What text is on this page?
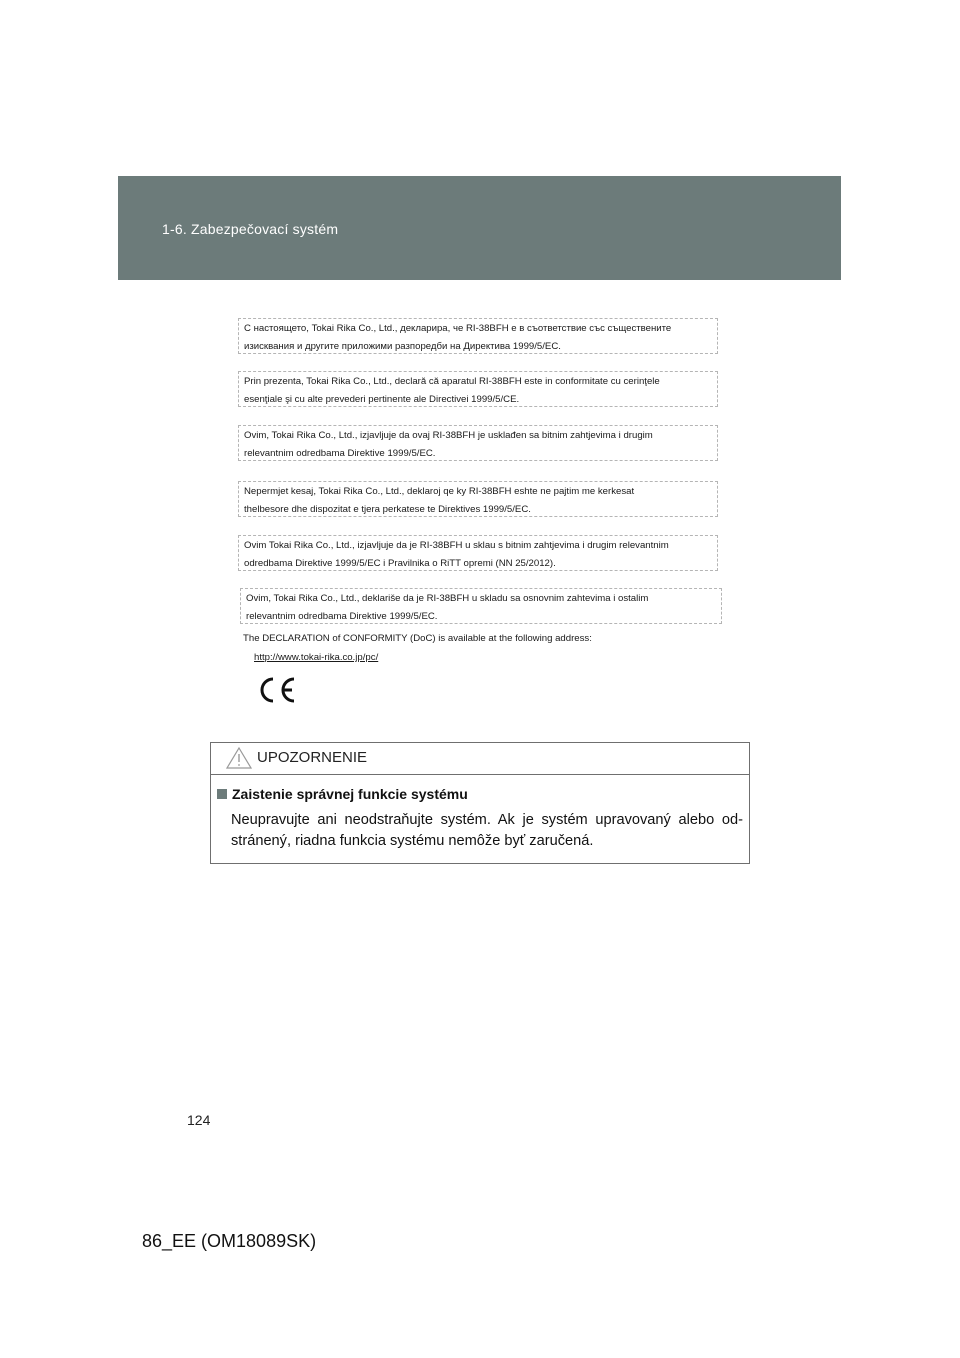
1-6. Zabezpečovací systém
С настоящето, Tokai Rika Co., Ltd., декларира, че RI-38BFH е в съответствие със съществените
изисквания и другите приложими разпоредби на Директива 1999/5/EC.
Prin prezenta, Tokai Rika Co., Ltd., declară că aparatul RI-38BFH este in conformitate cu cerinţele
esenţiale şi cu alte prevederi pertinente ale Directivei 1999/5/CE.
Ovim, Tokai Rika Co., Ltd., izjavljuje da ovaj RI-38BFH je usklađen sa bitnim zahtjevima i drugim
relevantnim odredbama Direktive 1999/5/EC.
Nepermjet kesaj, Tokai Rika Co., Ltd., deklaroj qe ky RI-38BFH eshte ne pajtim me kerkesat
thelbesore dhe dispozitat e tjera perkatese te Direktives 1999/5/EC.
Ovim Tokai Rika Co., Ltd., izjavljuje da je RI-38BFH u sklau s bitnim zahtjevima i drugim relevantnim
odredbama Direktive 1999/5/EC i Pravilnika o RiTT opremi (NN 25/2012).
Ovim, Tokai Rika Co., Ltd., deklariše da je RI-38BFH u skladu sa osnovnim zahtevima i ostalim
relevantnim odredbama Direktive 1999/5/EC.
The DECLARATION of CONFORMITY (DoC) is available at the following address:
http://www.tokai-rika.co.jp/pc/
UPOZORNENIE
Zaistenie správnej funkcie systému
Neupravujte ani neodstraňujte systém. Ak je systém upravovaný alebo odstránený, riadna funkcia systému nemôže byť zaručená.
124
86_EE (OM18089SK)
